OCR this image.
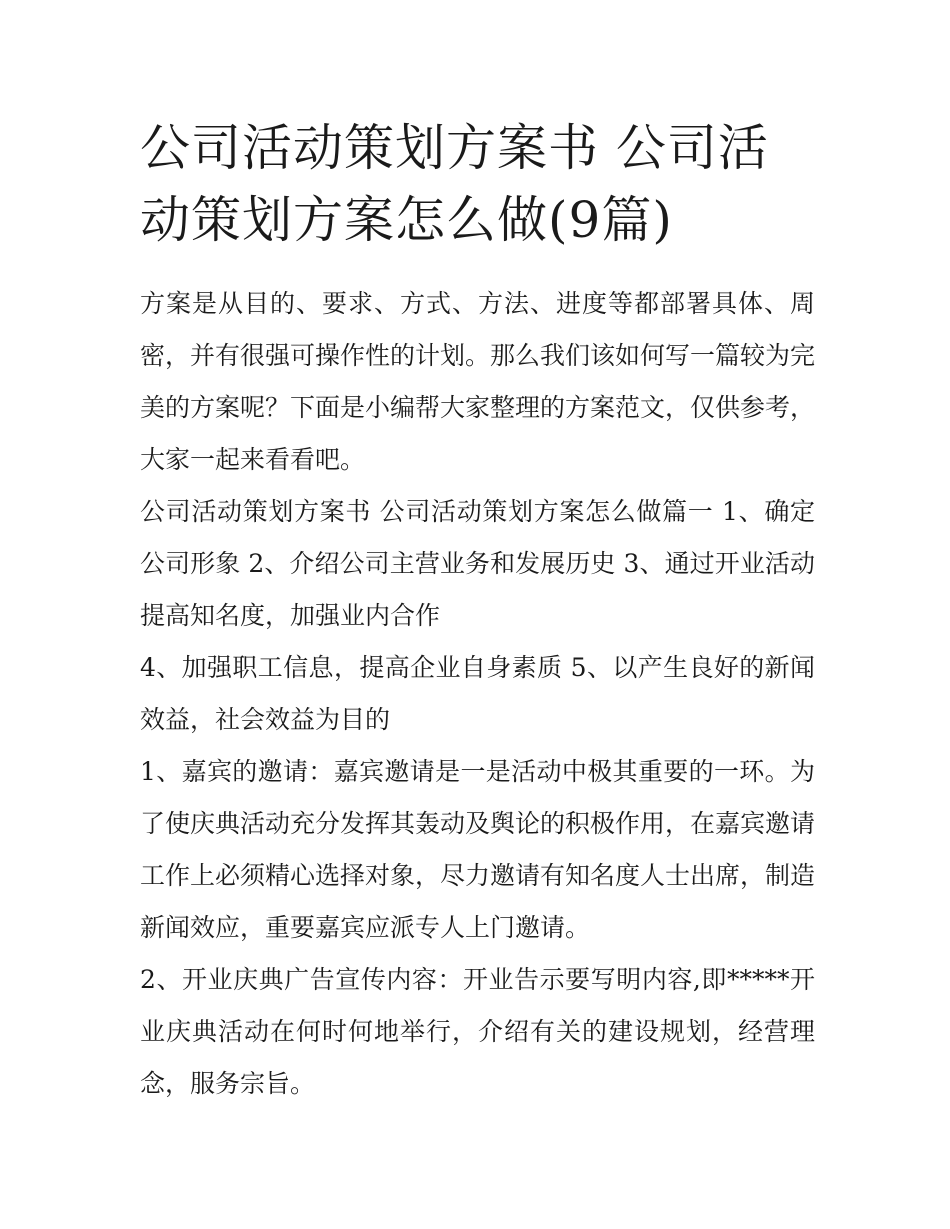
公司活动策划方案书 公司活动策划方案怎么做(9篇)

方案是从目的、要求、方式、方法、进度等都部署具体、周密，并有很强可操作性的计划。那么我们该如何写一篇较为完美的方案呢？下面是小编帮大家整理的方案范文，仅供参考，大家一起来看看吧。

公司活动策划方案书 公司活动策划方案怎么做篇一 1、确定公司形象 2、介绍公司主营业务和发展历史 3、通过开业活动提高知名度，加强业内合作

4、加强职工信息，提高企业自身素质 5、以产生良好的新闻效益，社会效益为目的

1、嘉宾的邀请：嘉宾邀请是一是活动中极其重要的一环。为了使庆典活动充分发挥其轰动及舆论的积极作用，在嘉宾邀请工作上必须精心选择对象，尽力邀请有知名度人士出席，制造新闻效应，重要嘉宾应派专人上门邀请。

2、开业庆典广告宣传内容：开业告示要写明内容,即*****开业庆典活动在何时何地举行，介绍有关的建设规划，经营理念，服务宗旨。
